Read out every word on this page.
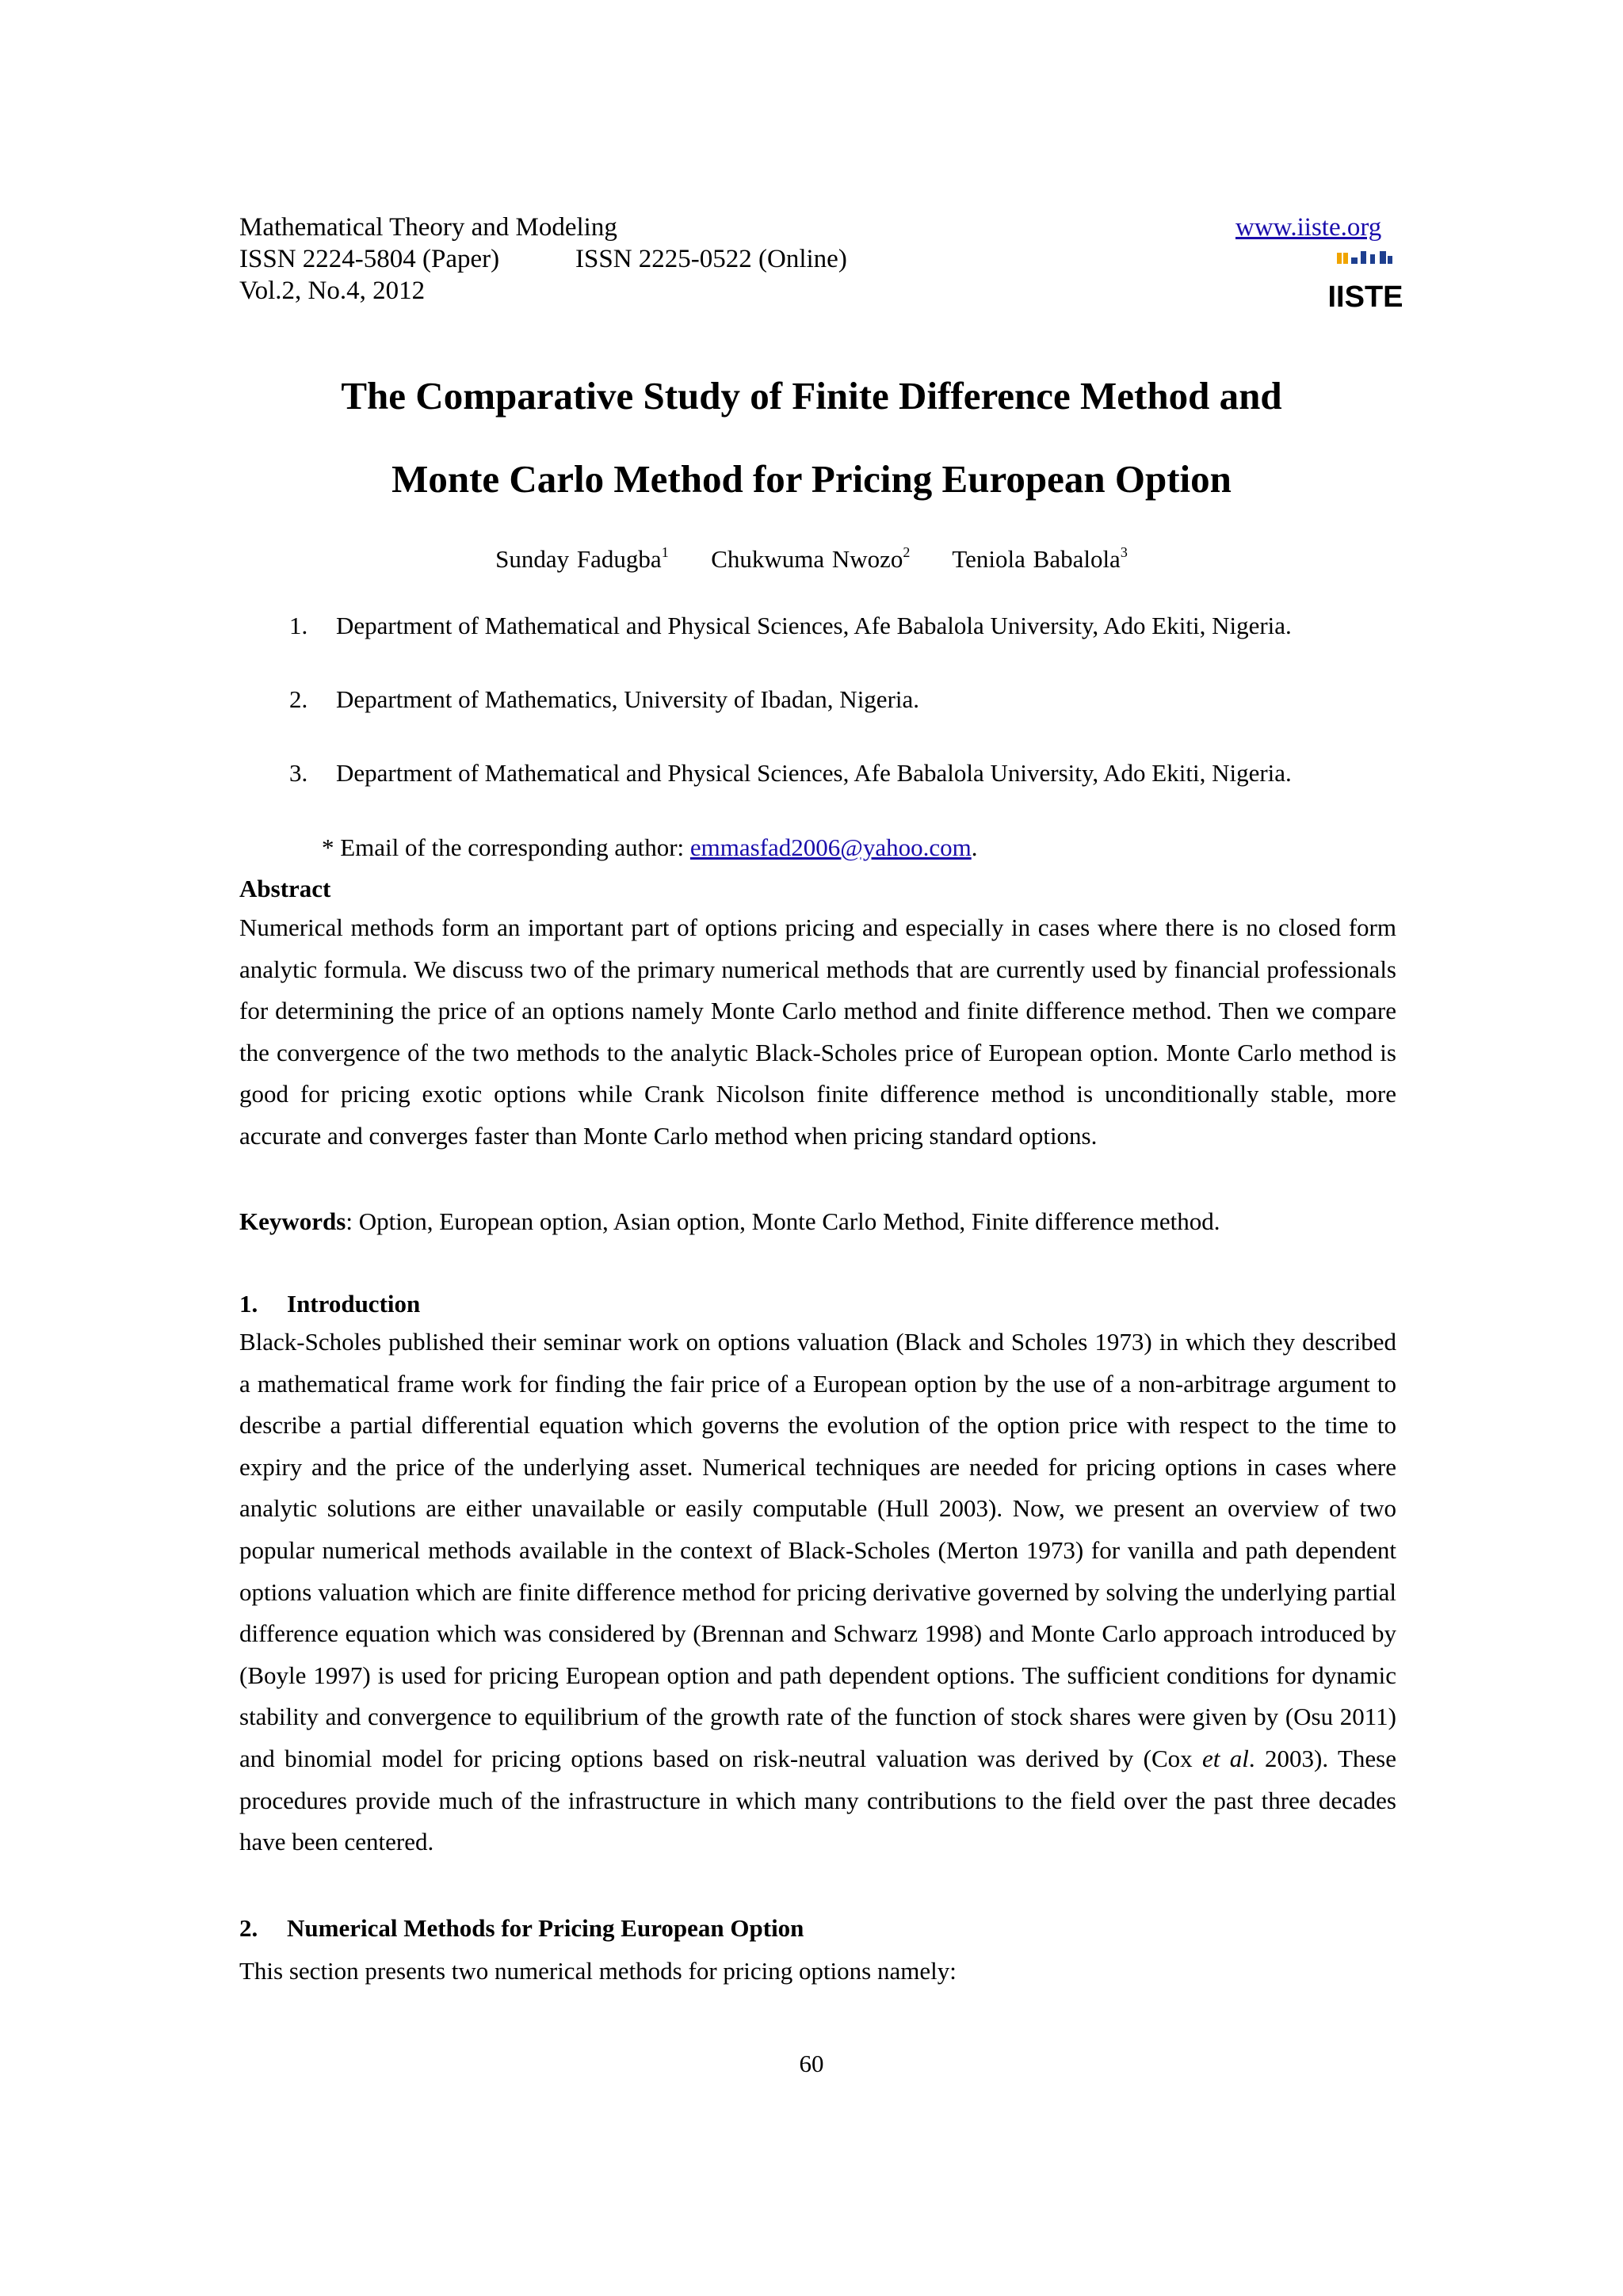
Mathematical Theory and Modeling	www.iiste.org
ISSN 2224-5804 (Paper)	ISSN 2225-0522 (Online)
Vol.2, No.4, 2012	IISTE
The Comparative Study of Finite Difference Method and
Monte Carlo Method for Pricing European Option
Sunday Fadugba$^1$ Chukwuma Nwozo$^2$ Teniola Babalola$^3$
1. Department of Mathematical and Physical Sciences, Afe Babalola University, Ado Ekiti, Nigeria.
2. Department of Mathematics, University of Ibadan, Nigeria.
3. Department of Mathematical and Physical Sciences, Afe Babalola University, Ado Ekiti, Nigeria.
* Email of the corresponding author: emmasfad2006@yahoo.com.
Abstract
Numerical methods form an important part of options pricing and especially in cases where there is no closed form analytic formula. We discuss two of the primary numerical methods that are currently used by financial professionals for determining the price of an options namely Monte Carlo method and finite difference method. Then we compare the convergence of the two methods to the analytic Black-Scholes price of European option. Monte Carlo method is good for pricing exotic options while Crank Nicolson finite difference method is unconditionally stable, more accurate and converges faster than Monte Carlo method when pricing standard options.
Keywords: Option, European option, Asian option, Monte Carlo Method, Finite difference method.
1. Introduction
Black-Scholes published their seminar work on options valuation (Black and Scholes 1973) in which they described a mathematical frame work for finding the fair price of a European option by the use of a non-arbitrage argument to describe a partial differential equation which governs the evolution of the option price with respect to the time to expiry and the price of the underlying asset. Numerical techniques are needed for pricing options in cases where analytic solutions are either unavailable or easily computable (Hull 2003). Now, we present an overview of two popular numerical methods available in the context of Black-Scholes (Merton 1973) for vanilla and path dependent options valuation which are finite difference method for pricing derivative governed by solving the underlying partial difference equation which was considered by (Brennan and Schwarz 1998) and Monte Carlo approach introduced by (Boyle 1997) is used for pricing European option and path dependent options. The sufficient conditions for dynamic stability and convergence to equilibrium of the growth rate of the function of stock shares were given by (Osu 2011) and binomial model for pricing options based on risk-neutral valuation was derived by (Cox et al. 2003). These procedures provide much of the infrastructure in which many contributions to the field over the past three decades have been centered.
2. Numerical Methods for Pricing European Option
This section presents two numerical methods for pricing options namely:
60
